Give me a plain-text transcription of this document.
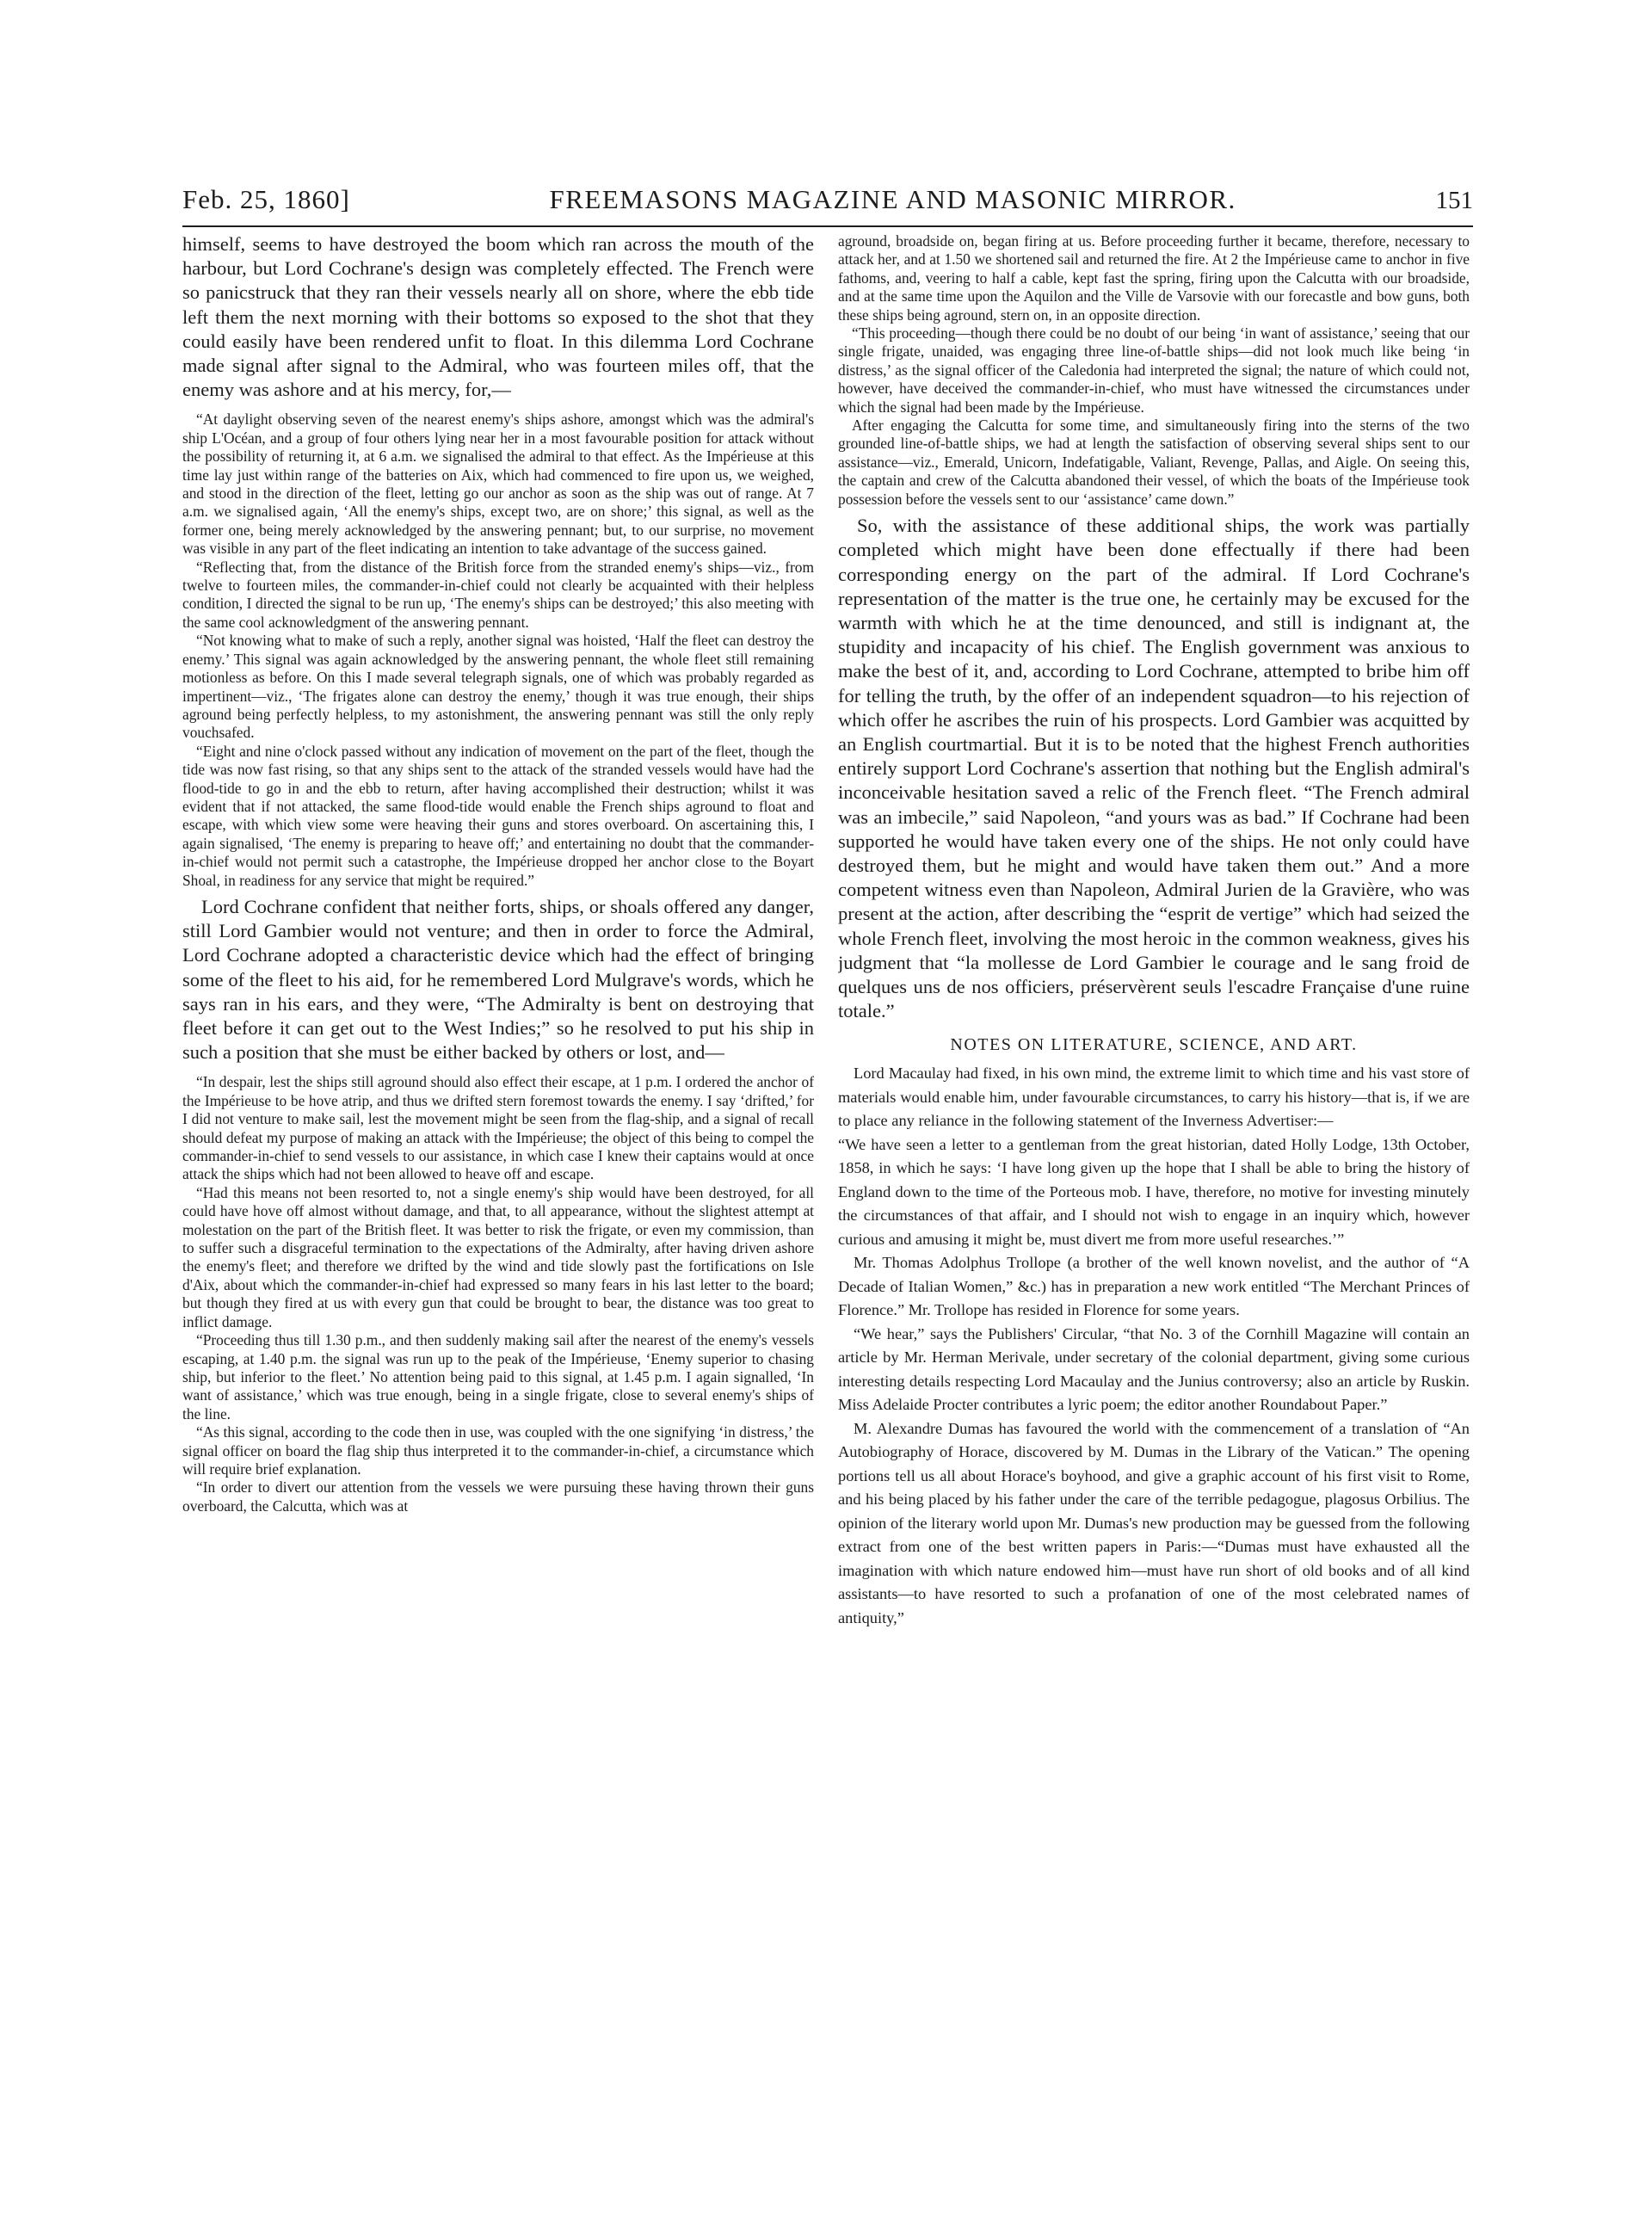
Feb. 25, 1860]	FREEMASONS MAGAZINE AND MASONIC MIRROR.	151

himself, seems to have destroyed the boom which ran across the mouth of the harbour, but Lord Cochrane's design was completely effected. The French were so panicstruck that they ran their vessels nearly all on shore, where the ebb tide left them the next morning with their bottoms so exposed to the shot that they could easily have been rendered unfit to float. In this dilemma Lord Cochrane made signal after signal to the Admiral, who was fourteen miles off, that the enemy was ashore and at his mercy, for,—

“At daylight observing seven of the nearest enemy's ships ashore, amongst which was the admiral's ship L'Océan, and a group of four others lying near her in a most favourable position for attack without the possibility of returning it, at 6 a.m. we signalised the admiral to that effect. As the Impérieuse at this time lay just within range of the batteries on Aix, which had commenced to fire upon us, we weighed, and stood in the direction of the fleet, letting go our anchor as soon as the ship was out of range. At 7 a.m. we signalised again, ‘All the enemy's ships, except two, are on shore;’ this signal, as well as the former one, being merely acknowledged by the answering pennant; but, to our surprise, no movement was visible in any part of the fleet indicating an intention to take advantage of the success gained.

“Reflecting that, from the distance of the British force from the stranded enemy's ships—viz., from twelve to fourteen miles, the commander-in-chief could not clearly be acquainted with their helpless condition, I directed the signal to be run up, ‘The enemy's ships can be destroyed;’ this also meeting with the same cool acknowledgment of the answering pennant.

“Not knowing what to make of such a reply, another signal was hoisted, ‘Half the fleet can destroy the enemy.’ This signal was again acknowledged by the answering pennant, the whole fleet still remaining motionless as before. On this I made several telegraph signals, one of which was probably regarded as impertinent—viz., ‘The frigates alone can destroy the enemy,’ though it was true enough, their ships aground being perfectly helpless, to my astonishment, the answering pennant was still the only reply vouchsafed.

“Eight and nine o'clock passed without any indication of movement on the part of the fleet, though the tide was now fast rising, so that any ships sent to the attack of the stranded vessels would have had the flood-tide to go in and the ebb to return, after having accomplished their destruction; whilst it was evident that if not attacked, the same flood-tide would enable the French ships aground to float and escape, with which view some were heaving their guns and stores overboard. On ascertaining this, I again signalised, ‘The enemy is preparing to heave off;’ and entertaining no doubt that the commander-in-chief would not permit such a catastrophe, the Impérieuse dropped her anchor close to the Boyart Shoal, in readiness for any service that might be required.”

Lord Cochrane confident that neither forts, ships, or shoals offered any danger, still Lord Gambier would not venture; and then in order to force the Admiral, Lord Cochrane adopted a characteristic device which had the effect of bringing some of the fleet to his aid, for he remembered Lord Mulgrave's words, which he says ran in his ears, and they were, “The Admiralty is bent on destroying that fleet before it can get out to the West Indies;” so he resolved to put his ship in such a position that she must be either backed by others or lost, and—

“In despair, lest the ships still aground should also effect their escape, at 1 p.m. I ordered the anchor of the Impérieuse to be hove atrip, and thus we drifted stern foremost towards the enemy. I say ‘drifted,’ for I did not venture to make sail, lest the movement might be seen from the flag-ship, and a signal of recall should defeat my purpose of making an attack with the Impérieuse; the object of this being to compel the commander-in-chief to send vessels to our assistance, in which case I knew their captains would at once attack the ships which had not been allowed to heave off and escape.

“Had this means not been resorted to, not a single enemy's ship would have been destroyed, for all could have hove off almost without damage, and that, to all appearance, without the slightest attempt at molestation on the part of the British fleet. It was better to risk the frigate, or even my commission, than to suffer such a disgraceful termination to the expectations of the Admiralty, after having driven ashore the enemy's fleet; and therefore we drifted by the wind and tide slowly past the fortifications on Isle d'Aix, about which the commander-in-chief had expressed so many fears in his last letter to the board; but though they fired at us with every gun that could be brought to bear, the distance was too great to inflict damage.

“Proceeding thus till 1.30 p.m., and then suddenly making sail after the nearest of the enemy's vessels escaping, at 1.40 p.m. the signal was run up to the peak of the Impérieuse, ‘Enemy superior to chasing ship, but inferior to the fleet.’ No attention being paid to this signal, at 1.45 p.m. I again signalled, ‘In want of assistance,’ which was true enough, being in a single frigate, close to several enemy's ships of the line.

“As this signal, according to the code then in use, was coupled with the one signifying ‘in distress,’ the signal officer on board the flag ship thus interpreted it to the commander-in-chief, a circumstance which will require brief explanation.

“In order to divert our attention from the vessels we were pursuing these having thrown their guns overboard, the Calcutta, which was at

aground, broadside on, began firing at us. Before proceeding further it became, therefore, necessary to attack her, and at 1.50 we shortened sail and returned the fire. At 2 the Impérieuse came to anchor in five fathoms, and, veering to half a cable, kept fast the spring, firing upon the Calcutta with our broadside, and at the same time upon the Aquilon and the Ville de Varsovie with our forecastle and bow guns, both these ships being aground, stern on, in an opposite direction.

“This proceeding—though there could be no doubt of our being ‘in want of assistance,’ seeing that our single frigate, unaided, was engaging three line-of-battle ships—did not look much like being ‘in distress,’ as the signal officer of the Caledonia had interpreted the signal; the nature of which could not, however, have deceived the commander-in-chief, who must have witnessed the circumstances under which the signal had been made by the Impérieuse.

After engaging the Calcutta for some time, and simultaneously firing into the sterns of the two grounded line-of-battle ships, we had at length the satisfaction of observing several ships sent to our assistance—viz., Emerald, Unicorn, Indefatigable, Valiant, Revenge, Pallas, and Aigle. On seeing this, the captain and crew of the Calcutta abandoned their vessel, of which the boats of the Impérieuse took possession before the vessels sent to our ‘assistance’ came down.”

So, with the assistance of these additional ships, the work was partially completed which might have been done effectually if there had been corresponding energy on the part of the admiral. If Lord Cochrane's representation of the matter is the true one, he certainly may be excused for the warmth with which he at the time denounced, and still is indignant at, the stupidity and incapacity of his chief. The English government was anxious to make the best of it, and, according to Lord Cochrane, attempted to bribe him off for telling the truth, by the offer of an independent squadron—to his rejection of which offer he ascribes the ruin of his prospects. Lord Gambier was acquitted by an English courtmartial. But it is to be noted that the highest French authorities entirely support Lord Cochrane's assertion that nothing but the English admiral's inconceivable hesitation saved a relic of the French fleet. “The French admiral was an imbecile,” said Napoleon, “and yours was as bad.” If Cochrane had been supported he would have taken every one of the ships. He not only could have destroyed them, but he might and would have taken them out.” And a more competent witness even than Napoleon, Admiral Jurien de la Gravière, who was present at the action, after describing the “esprit de vertige” which had seized the whole French fleet, involving the most heroic in the common weakness, gives his judgment that “la mollesse de Lord Gambier le courage and le sang froid de quelques uns de nos officiers, préservèrent seuls l'escadre Française d'une ruine totale.”

NOTES ON LITERATURE, SCIENCE, AND ART.

Lord Macaulay had fixed, in his own mind, the extreme limit to which time and his vast store of materials would enable him, under favourable circumstances, to carry his history—that is, if we are to place any reliance in the following statement of the Inverness Advertiser:—

“We have seen a letter to a gentleman from the great historian, dated Holly Lodge, 13th October, 1858, in which he says: ‘I have long given up the hope that I shall be able to bring the history of England down to the time of the Porteous mob. I have, therefore, no motive for investing minutely the circumstances of that affair, and I should not wish to engage in an inquiry which, however curious and amusing it might be, must divert me from more useful researches.’”

Mr. Thomas Adolphus Trollope (a brother of the well known novelist, and the author of “A Decade of Italian Women,” &c.) has in preparation a new work entitled “The Merchant Princes of Florence.” Mr. Trollope has resided in Florence for some years.

“We hear,” says the Publishers' Circular, “that No. 3 of the Cornhill Magazine will contain an article by Mr. Herman Merivale, under secretary of the colonial department, giving some curious interesting details respecting Lord Macaulay and the Junius controversy; also an article by Ruskin. Miss Adelaide Procter contributes a lyric poem; the editor another Roundabout Paper.”

M. Alexandre Dumas has favoured the world with the commencement of a translation of “An Autobiography of Horace, discovered by M. Dumas in the Library of the Vatican.” The opening portions tell us all about Horace's boyhood, and give a graphic account of his first visit to Rome, and his being placed by his father under the care of the terrible pedagogue, plagosus Orbilius. The opinion of the literary world upon Mr. Dumas's new production may be guessed from the following extract from one of the best written papers in Paris:—“Dumas must have exhausted all the imagination with which nature endowed him—must have run short of old books and of all kind assistants—to have resorted to such a profanation of one of the most celebrated names of antiquity,”
